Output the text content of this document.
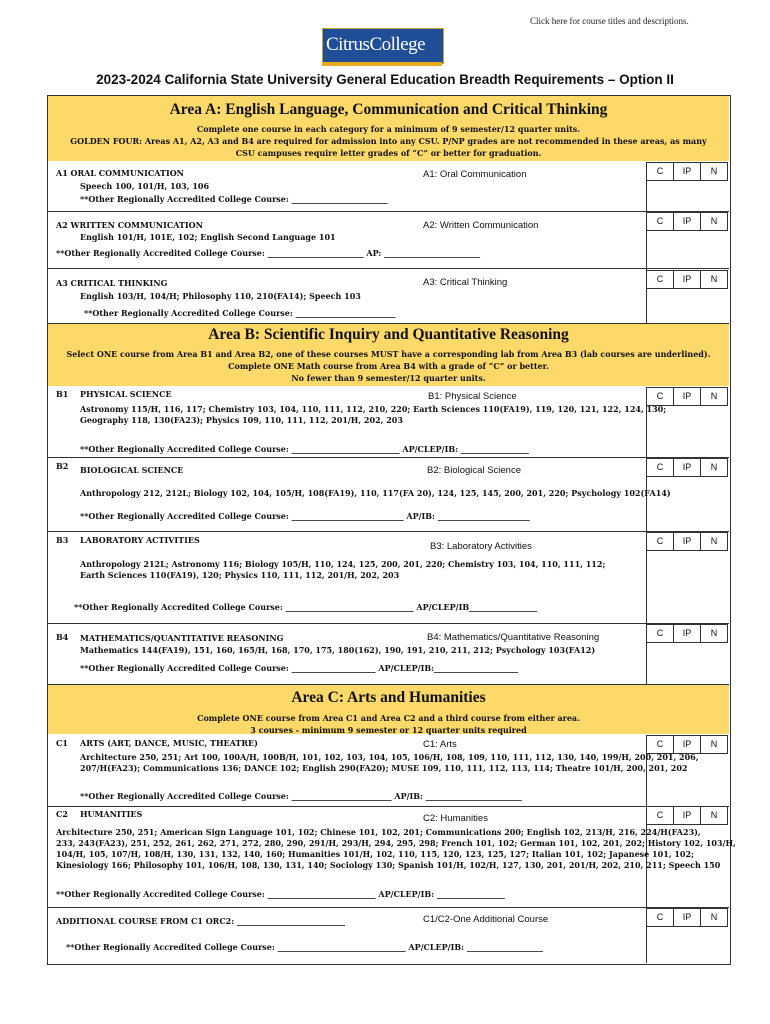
Click here for course titles and descriptions.
CitrusCollege
2023-2024 California State University General Education Breadth Requirements – Option II
Area A: English Language, Communication and Critical Thinking

Complete one course in each category for a minimum of 9 semester/12 quarter units.

GOLDEN FOUR: Areas A1, A2, A3 and B4 are required for admission into any CSU. P/NP grades are not recommended in these areas, as many

CSU campuses require letter grades of “C” or better for graduation.

A1 ORAL COMMUNICATION
Speech 100, 101/H, 103, 106
**Other Regionally Accredited College Course: ________________________
A1: Oral Communication	C	IP	N
A2 WRITTEN COMMUNICATION
English 101/H, 101E, 102; English Second Language 101
**Other Regionally Accredited College Course: ________________________ AP: ________________________
A2: Written Communication	C	IP	N
A3 CRITICAL THINKING
English 103/H, 104/H; Philosophy 110, 210(FA14); Speech 103
**Other Regionally Accredited College Course: _________________________
A3: Critical Thinking	C	IP	N
Area B: Scientific Inquiry and Quantitative Reasoning

Select ONE course from Area B1 and Area B2, one of these courses MUST have a corresponding lab from Area B3 (lab courses are underlined).

Complete ONE Math course from Area B4 with a grade of “C” or better.

No fewer than 9 semester/12 quarter units.

B1 PHYSICAL SCIENCE	B1: Physical Science
Astronomy 115/H, 116, 117; Chemistry 103, 104, 110, 111, 112, 210, 220; Earth Sciences 110(FA19), 119, 120, 121, 122, 124, 130;
Geography 118, 130(FA23); Physics 109, 110, 111, 112, 201/H, 202, 203
**Other Regionally Accredited College Course: ___________________________ AP/CLEP/IB: _________________
C	IP	N
B2 BIOLOGICAL SCIENCE	B2: Biological Science
Anthropology 212, 212L; Biology 102, 104, 105/H, 108(FA19), 110, 117(FA 20), 124, 125, 145, 200, 201, 220; Psychology 102(FA14)
**Other Regionally Accredited College Course: ____________________________ AP/IB: _______________________
C	IP	N
B3 LABORATORY ACTIVITIES
B3: Laboratory Activities
Anthropology 212L; Astronomy 116; Biology 105/H, 110, 124, 125, 200, 201, 220; Chemistry 103, 104, 110, 111, 112;
Earth Sciences 110(FA19), 120; Physics 110, 111, 112, 201/H, 202, 203
**Other Regionally Accredited College Course: ________________________________ AP/CLEP/IB_________________
C	IP	N
B4 MATHEMATICS/QUANTITATIVE REASONING	B4: Mathematics/Quantitative Reasoning
Mathematics 144(FA19), 151, 160, 165/H, 168, 170, 175, 180(162), 190, 191, 210, 211, 212; Psychology 103(FA12)
**Other Regionally Accredited College Course: _____________________ AP/CLEP/IB:_____________________
C	IP	N
Area C: Arts and Humanities

Complete ONE course from Area C1 and Area C2 and a third course from either area.

3 courses - minimum 9 semester or 12 quarter units required

C1 ARTS (ART, DANCE, MUSIC, THEATRE)	C1: Arts
Architecture 250, 251; Art 100, 100A/H, 100B/H, 101, 102, 103, 104, 105, 106/H, 108, 109, 110, 111, 112, 130, 140, 199/H, 200, 201, 206,
207/H(FA23); Communications 136; DANCE 102; English 290(FA20); MUSE 109, 110, 111, 112, 113, 114; Theatre 101/H, 200, 201, 202
**Other Regionally Accredited College Course: _________________________ AP/IB: ________________________
C	IP	N
C2 HUMANITIES	C2: Humanities
Architecture 250, 251; American Sign Language 101, 102; Chinese 101, 102, 201; Communications 200; English 102, 213/H, 216, 224/H(FA23),
233, 243(FA23), 251, 252, 261, 262, 271, 272, 280, 290, 291/H, 293/H, 294, 295, 298; French 101, 102; German 101, 102, 201, 202; History 102, 103/H,
104/H, 105, 107/H, 108/H, 130, 131, 132, 140, 160; Humanities 101/H, 102, 110, 115, 120, 123, 125, 127; Italian 101, 102; Japanese 101, 102;
Kinesiology 166; Philosophy 101, 106/H, 108, 130, 131, 140; Sociology 130; Spanish 101/H, 102/H, 127, 130, 201, 201/H, 202, 210, 211; Speech 150
**Other Regionally Accredited College Course: ___________________________ AP/CLEP/IB: _________________
C	IP	N
ADDITIONAL COURSE FROM C1 ORC2: ___________________________	C1/C2-One Additional Course
**Other Regionally Accredited College Course: ________________________________ AP/CLEP/IB: ___________________
C	IP	N
